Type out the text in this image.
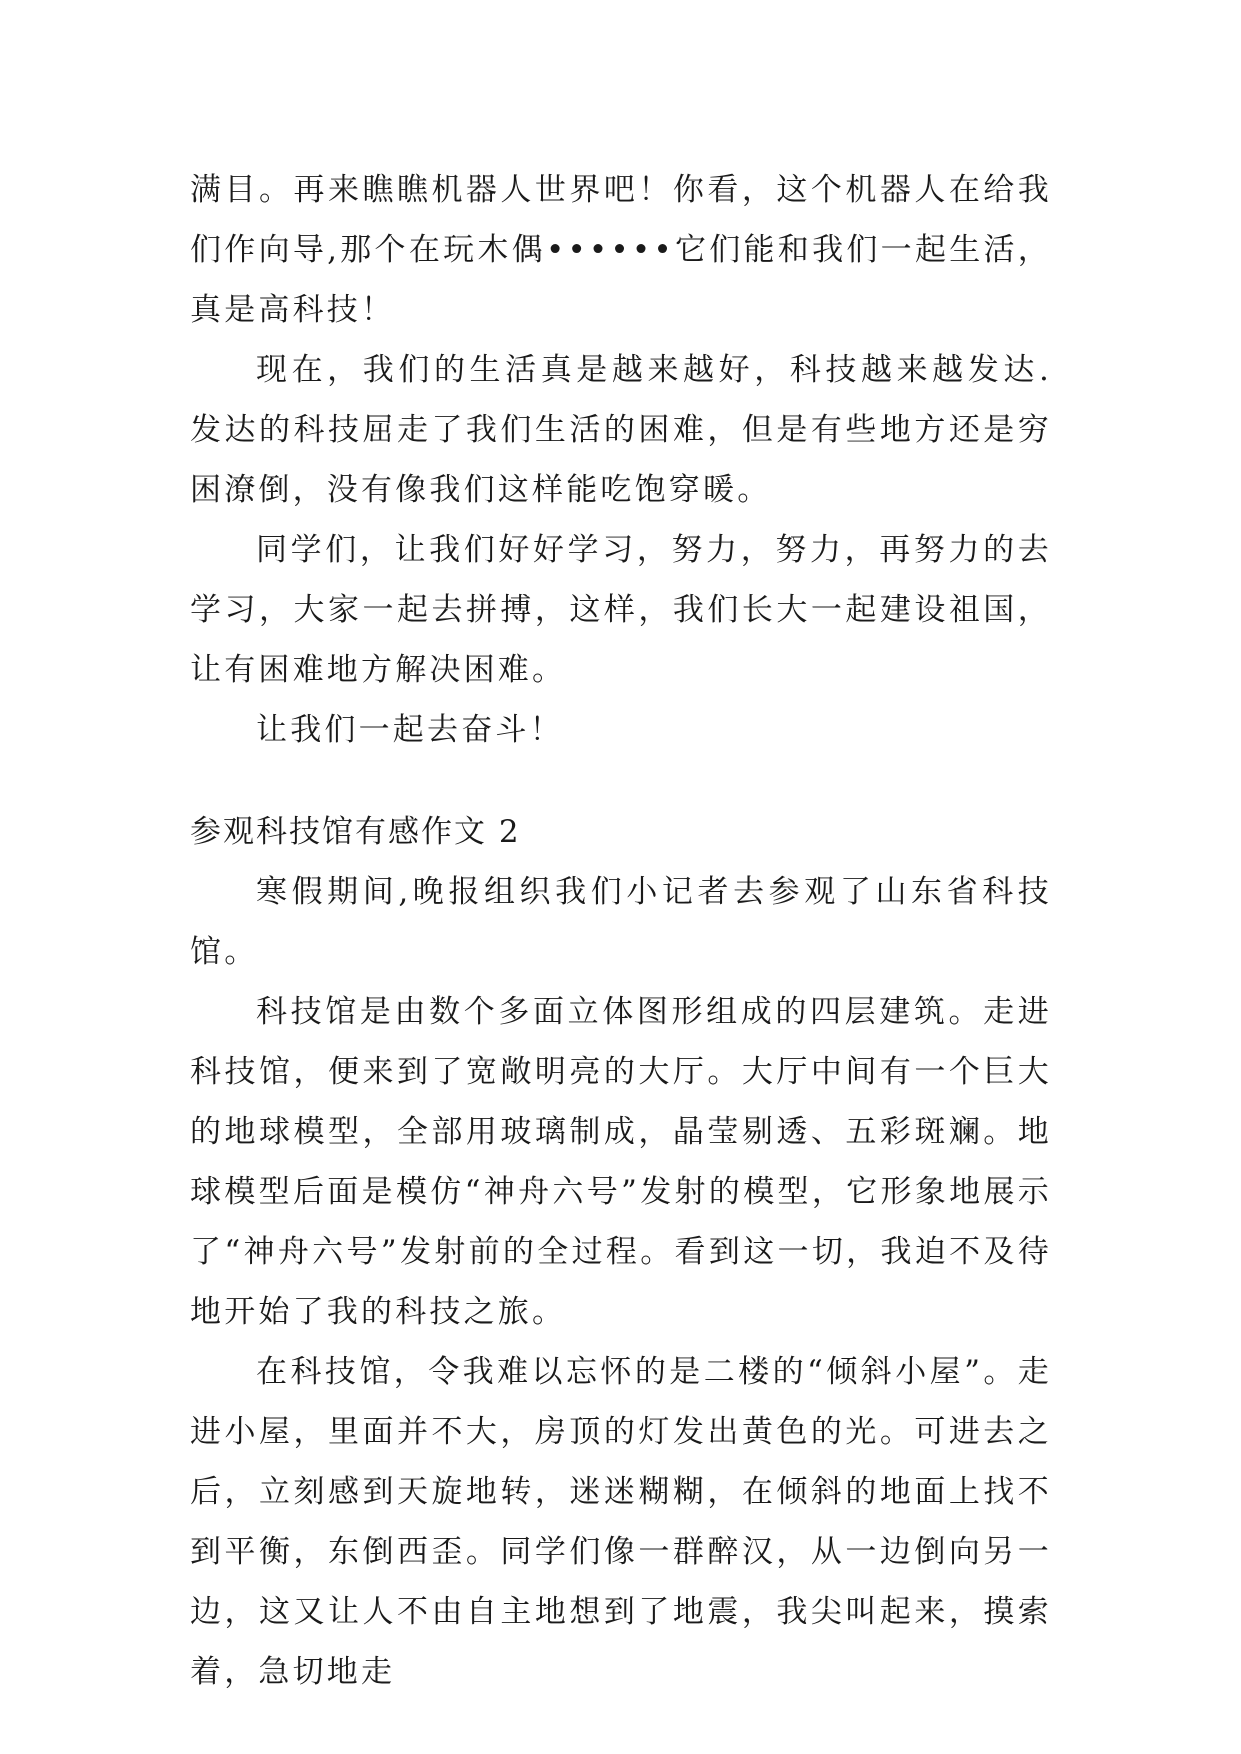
满目。再来瞧瞧机器人世界吧！你看，这个机器人在给我们作向导,那个在玩木偶••••••它们能和我们一起生活，真是高科技！

现在，我们的生活真是越来越好，科技越来越发达.发达的科技屈走了我们生活的困难，但是有些地方还是穷困潦倒，没有像我们这样能吃饱穿暖。

同学们，让我们好好学习，努力，努力，再努力的去学习，大家一起去拼搏，这样，我们长大一起建设祖国，让有困难地方解决困难。

让我们一起去奋斗！

参观科技馆有感作文 2

寒假期间,晚报组织我们小记者去参观了山东省科技馆。

科技馆是由数个多面立体图形组成的四层建筑。走进科技馆，便来到了宽敞明亮的大厅。大厅中间有一个巨大的地球模型，全部用玻璃制成，晶莹剔透、五彩斑斓。地球模型后面是模仿“神舟六号”发射的模型，它形象地展示了“神舟六号”发射前的全过程。看到这一切，我迫不及待地开始了我的科技之旅。

在科技馆，令我难以忘怀的是二楼的“倾斜小屋”。走进小屋，里面并不大，房顶的灯发出黄色的光。可进去之后，立刻感到天旋地转，迷迷糊糊，在倾斜的地面上找不到平衡，东倒西歪。同学们像一群醉汉，从一边倒向另一边，这又让人不由自主地想到了地震，我尖叫起来，摸索着，急切地走
